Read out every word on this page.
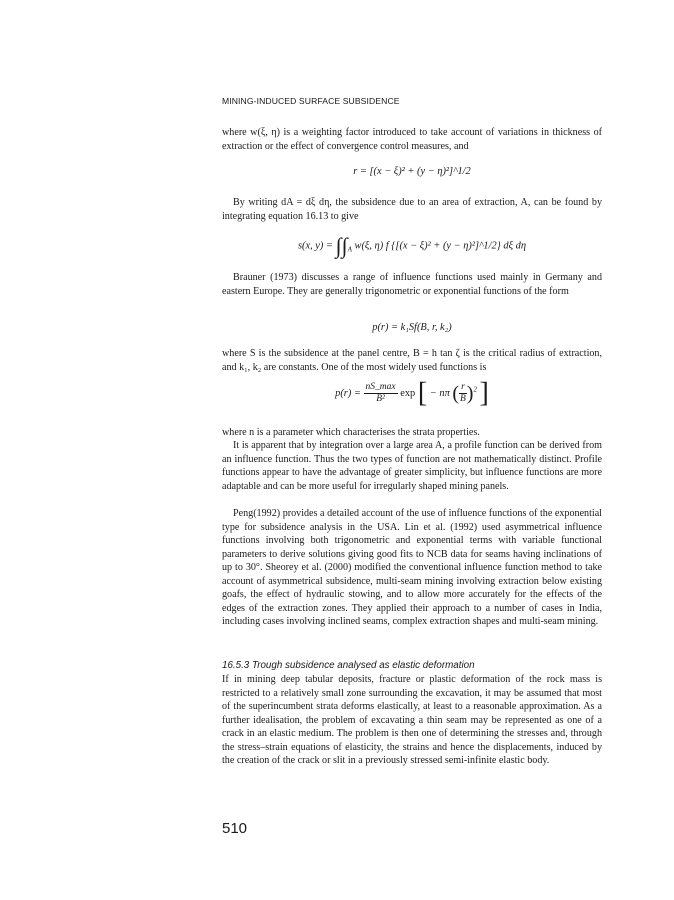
MINING-INDUCED SURFACE SUBSIDENCE

where w(ξ, η) is a weighting factor introduced to take account of variations in thickness of extraction or the effect of convergence control measures, and

r = [(x − ξ)² + (y − η)²]^1/2

By writing dA = dξ dη, the subsidence due to an area of extraction, A, can be found by integrating equation 16.13 to give

s(x, $y) = \int\int_A$ w(ξ, η) f {[(x − ξ)² + (y − η)²]^1/2} dξ dη

Brauner (1973) discusses a range of influence functions used mainly in Germany and eastern Europe. They are generally trigonometric or exponential functions of the form

p(r) = k₁Sf(B, r, k₂)

where S is the subsidence at the panel centre, B = h tan ζ is the critical radius of extraction, and k₁, k₂ are constants. One of the most widely used functions is

$p(r) = \frac{nS\_\max}{\text{B²}}$ exp [ − nπ ( $\frac{r}{B} )^2$ ]

where n is a parameter which characterises the strata properties.

It is apparent that by integration over a large area A, a profile function can be derived from an influence function. Thus the two types of function are not mathematically distinct. Profile functions appear to have the advantage of greater simplicity, but influence functions are more adaptable and can be more useful for irregularly shaped mining panels.

Peng(1992) provides a detailed account of the use of influence functions of the exponential type for subsidence analysis in the USA. Lin et al. (1992) used asymmetrical influence functions involving both trigonometric and exponential terms with variable functional parameters to derive solutions giving good fits to NCB data for seams having inclinations of up to 30°. Sheorey et al. (2000) modified the conventional influence function method to take account of asymmetrical subsidence, multi-seam mining involving extraction below existing goafs, the effect of hydraulic stowing, and to allow more accurately for the effects of the edges of the extraction zones. They applied their approach to a number of cases in India, including cases involving inclined seams, complex extraction shapes and multi-seam mining.

16.5.3 Trough subsidence analysed as elastic deformation

If in mining deep tabular deposits, fracture or plastic deformation of the rock mass is restricted to a relatively small zone surrounding the excavation, it may be assumed that most of the superincumbent strata deforms elastically, at least to a reasonable approximation. As a further idealisation, the problem of excavating a thin seam may be represented as one of a crack in an elastic medium. The problem is then one of determining the stresses and, through the stress–strain equations of elasticity, the strains and hence the displacements, induced by the creation of the crack or slit in a previously stressed semi-infinite elastic body.

510
